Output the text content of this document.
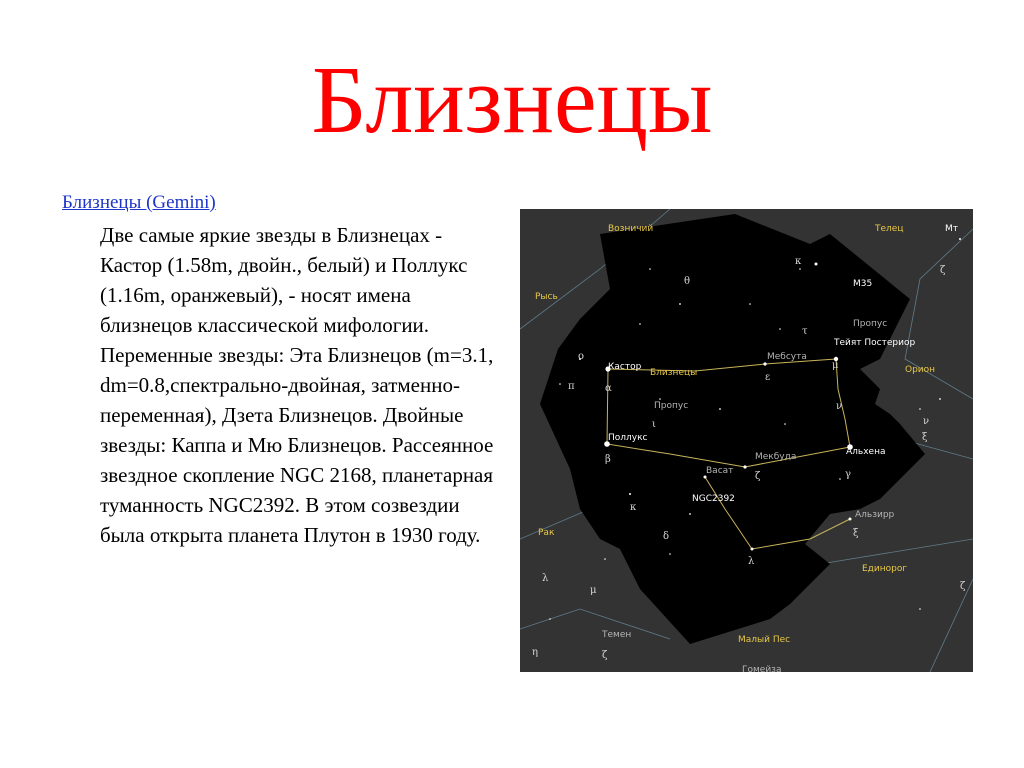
Близнецы
Близнецы (Gemini)

Две самые яркие звезды в Близнецах - Кастор (1.58m, двойн., белый) и Поллукс (1.16m, оранжевый), - носят имена близнецов классической мифологии. Переменные звезды: Эта Близнецов (m=3.1, dm=0.8,спектрально-двойная, затменно-переменная), Дзета Близнецов. Двойные звезды: Каппа и Мю Близнецов. Рассеянное звездное скопление NGC 2168, планетарная туманность NGC2392. В этом созвездии была открыта планета Плутон в 1930 году.

Возничий	Телец	Мт
Рысь
Орион
Рак
Единорог
Малый Пес
Гомейза
Темен
M35
Пропус
Тейят Постериор
Кастор
Близнецы
Мебсута
Пропус
Поллукс
Мекбуда	Альхена
Васат
NGC2392
Альзирр
κ
θ
ο
μ
α
π
ε
ι
ν
β
γ
ζ
κ
ξ
λ
λ
μ
η	ζ
ζ
ν
ξ
ζ
τ
δ
